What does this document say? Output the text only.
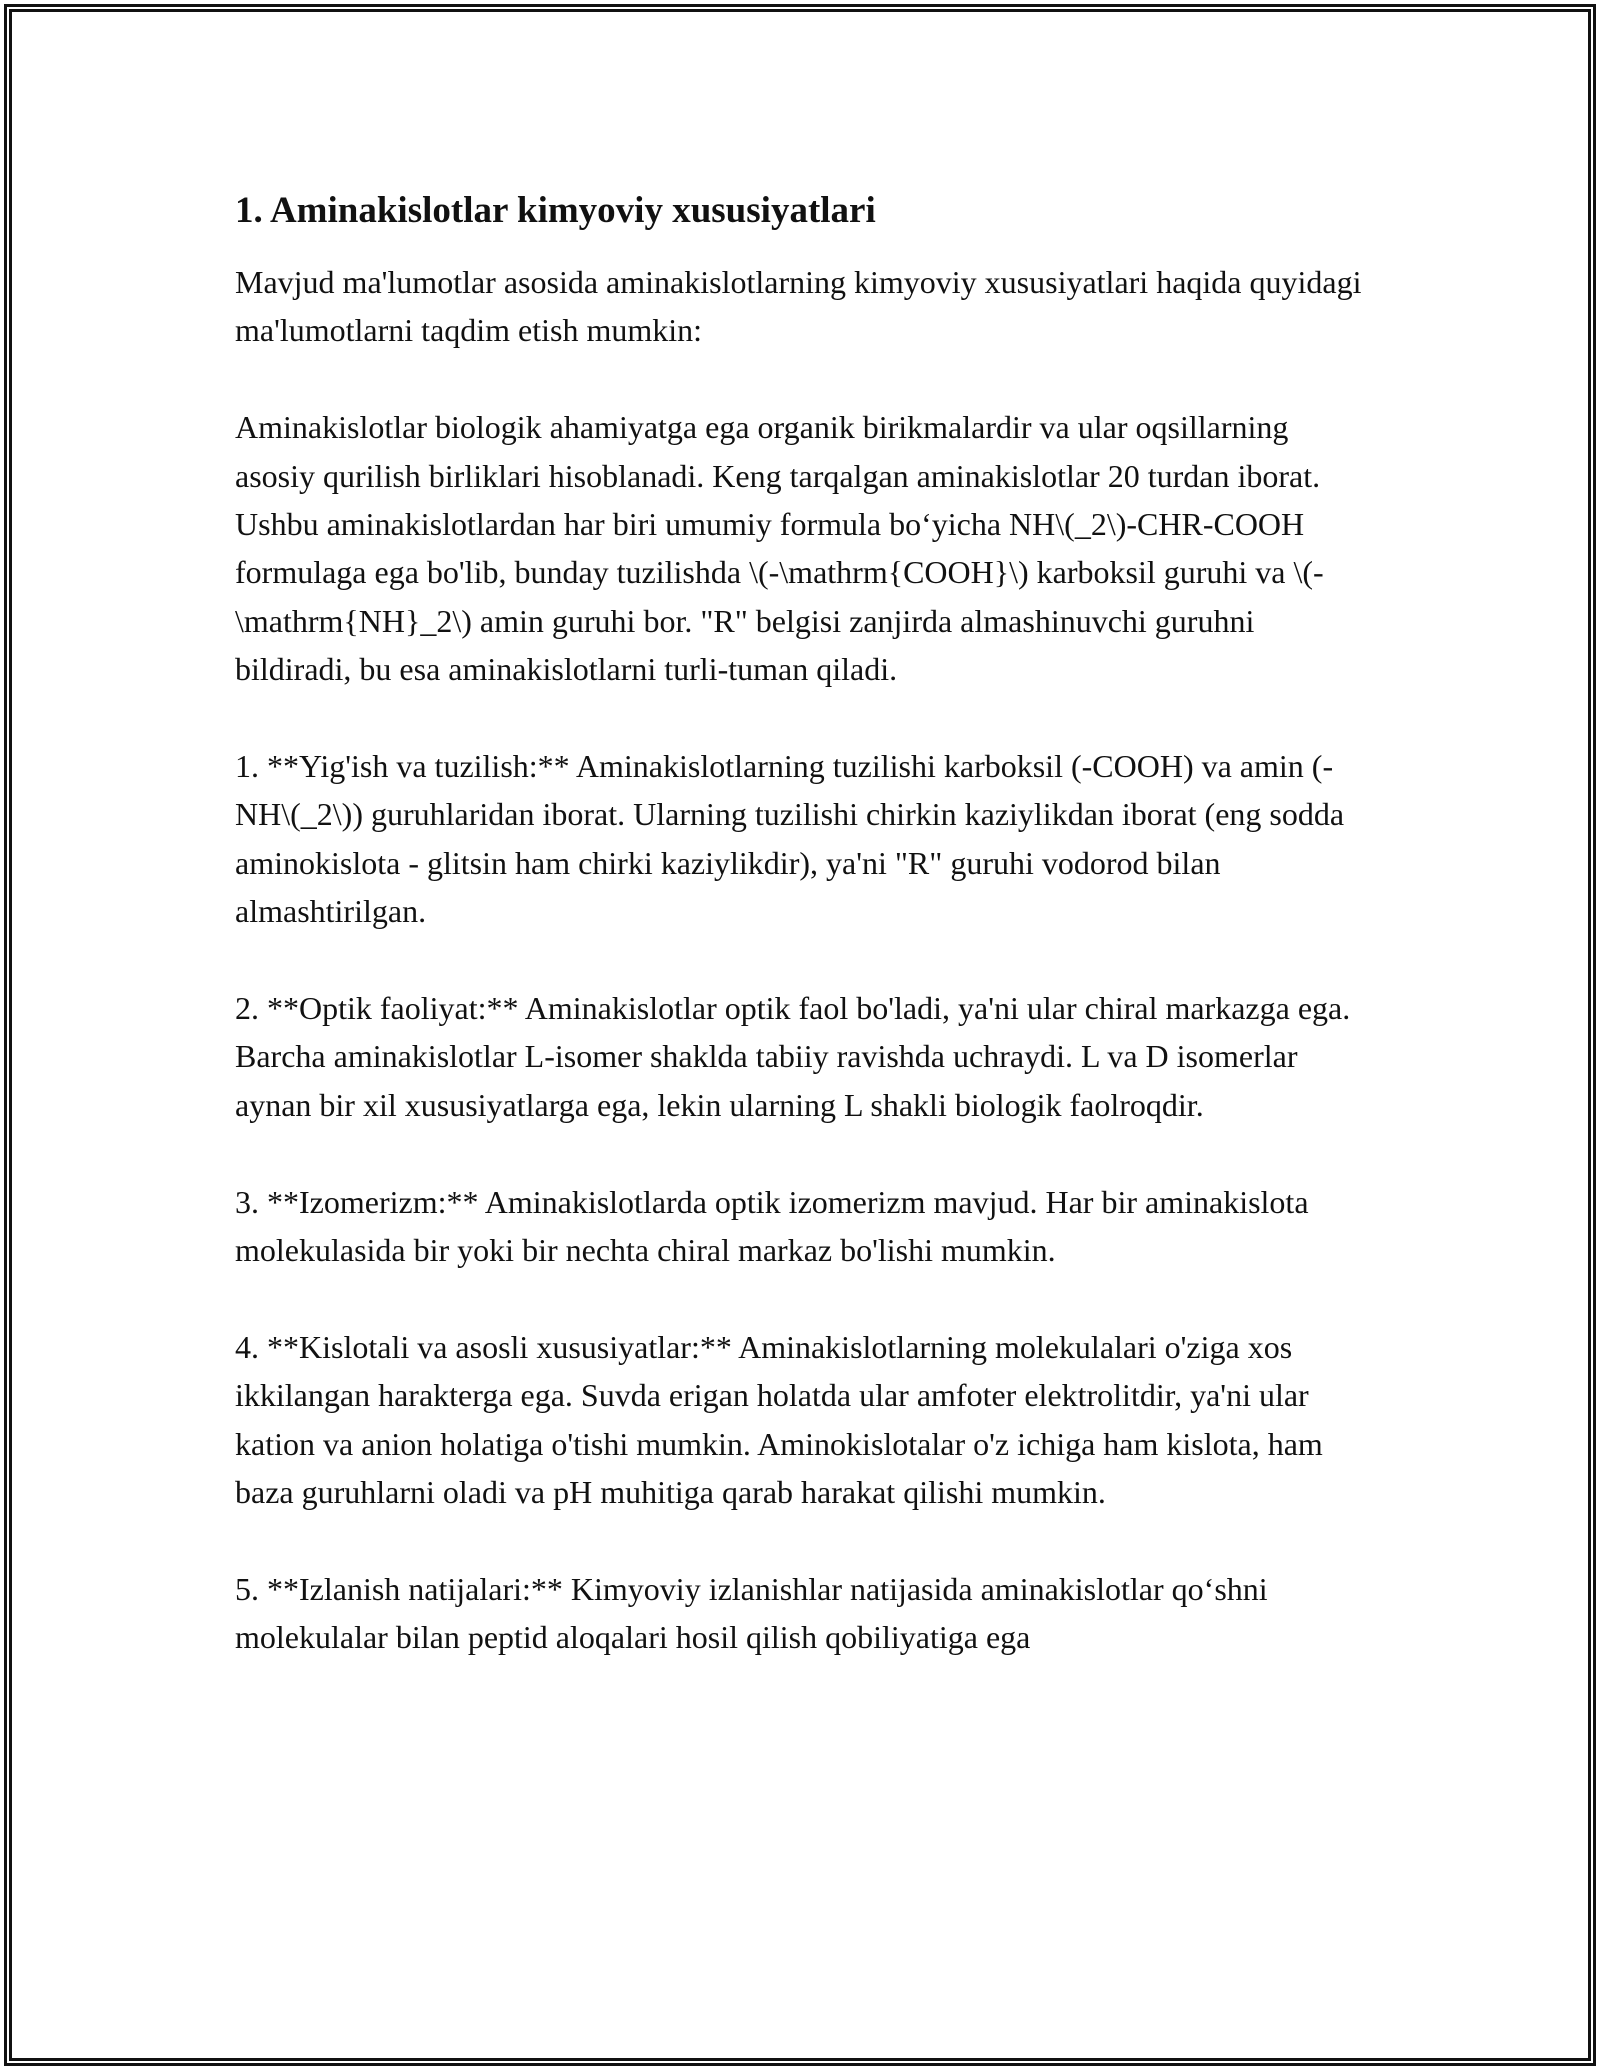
1. Aminakislotlar kimyoviy xususiyatlari

Mavjud ma'lumotlar asosida aminakislotlarning kimyoviy xususiyatlari haqida quyidagi ma'lumotlarni taqdim etish mumkin:

Aminakislotlar biologik ahamiyatga ega organik birikmalardir va ular oqsillarning asosiy qurilish birliklari hisoblanadi. Keng tarqalgan aminakislotlar 20 turdan iborat. Ushbu aminakislotlardan har biri umumiy formula bo‘yicha NH\(_2\)-CHR-COOH formulaga ega bo'lib, bunday tuzilishda \(-\mathrm{COOH}\) karboksil guruhi va \(-\mathrm{NH}_2\) amin guruhi bor. "R" belgisi zanjirda almashinuvchi guruhni bildiradi, bu esa aminakislotlarni turli-tuman qiladi.

1. **Yig'ish va tuzilish:** Aminakislotlarning tuzilishi karboksil (-COOH) va amin (-NH\(_2\)) guruhlaridan iborat. Ularning tuzilishi chirkin kaziylikdan iborat (eng sodda aminokislota - glitsin ham chirki kaziylikdir), ya'ni "R" guruhi vodorod bilan almashtirilgan.

2. **Optik faoliyat:** Aminakislotlar optik faol bo'ladi, ya'ni ular chiral markazga ega. Barcha aminakislotlar L-isomer shaklda tabiiy ravishda uchraydi. L va D isomerlar aynan bir xil xususiyatlarga ega, lekin ularning L shakli biologik faolroqdir.

3. **Izomerizm:** Aminakislotlarda optik izomerizm mavjud. Har bir aminakislota molekulasida bir yoki bir nechta chiral markaz bo'lishi mumkin.

4. **Kislotali va asosli xususiyatlar:** Aminakislotlarning molekulalari o'ziga xos ikkilangan harakterga ega. Suvda erigan holatda ular amfoter elektrolitdir, ya'ni ular kation va anion holatiga o'tishi mumkin. Aminokislotalar o'z ichiga ham kislota, ham baza guruhlarni oladi va pH muhitiga qarab harakat qilishi mumkin.

5. **Izlanish natijalari:** Kimyoviy izlanishlar natijasida aminakislotlar qo‘shni molekulalar bilan peptid aloqalari hosil qilish qobiliyatiga ega
